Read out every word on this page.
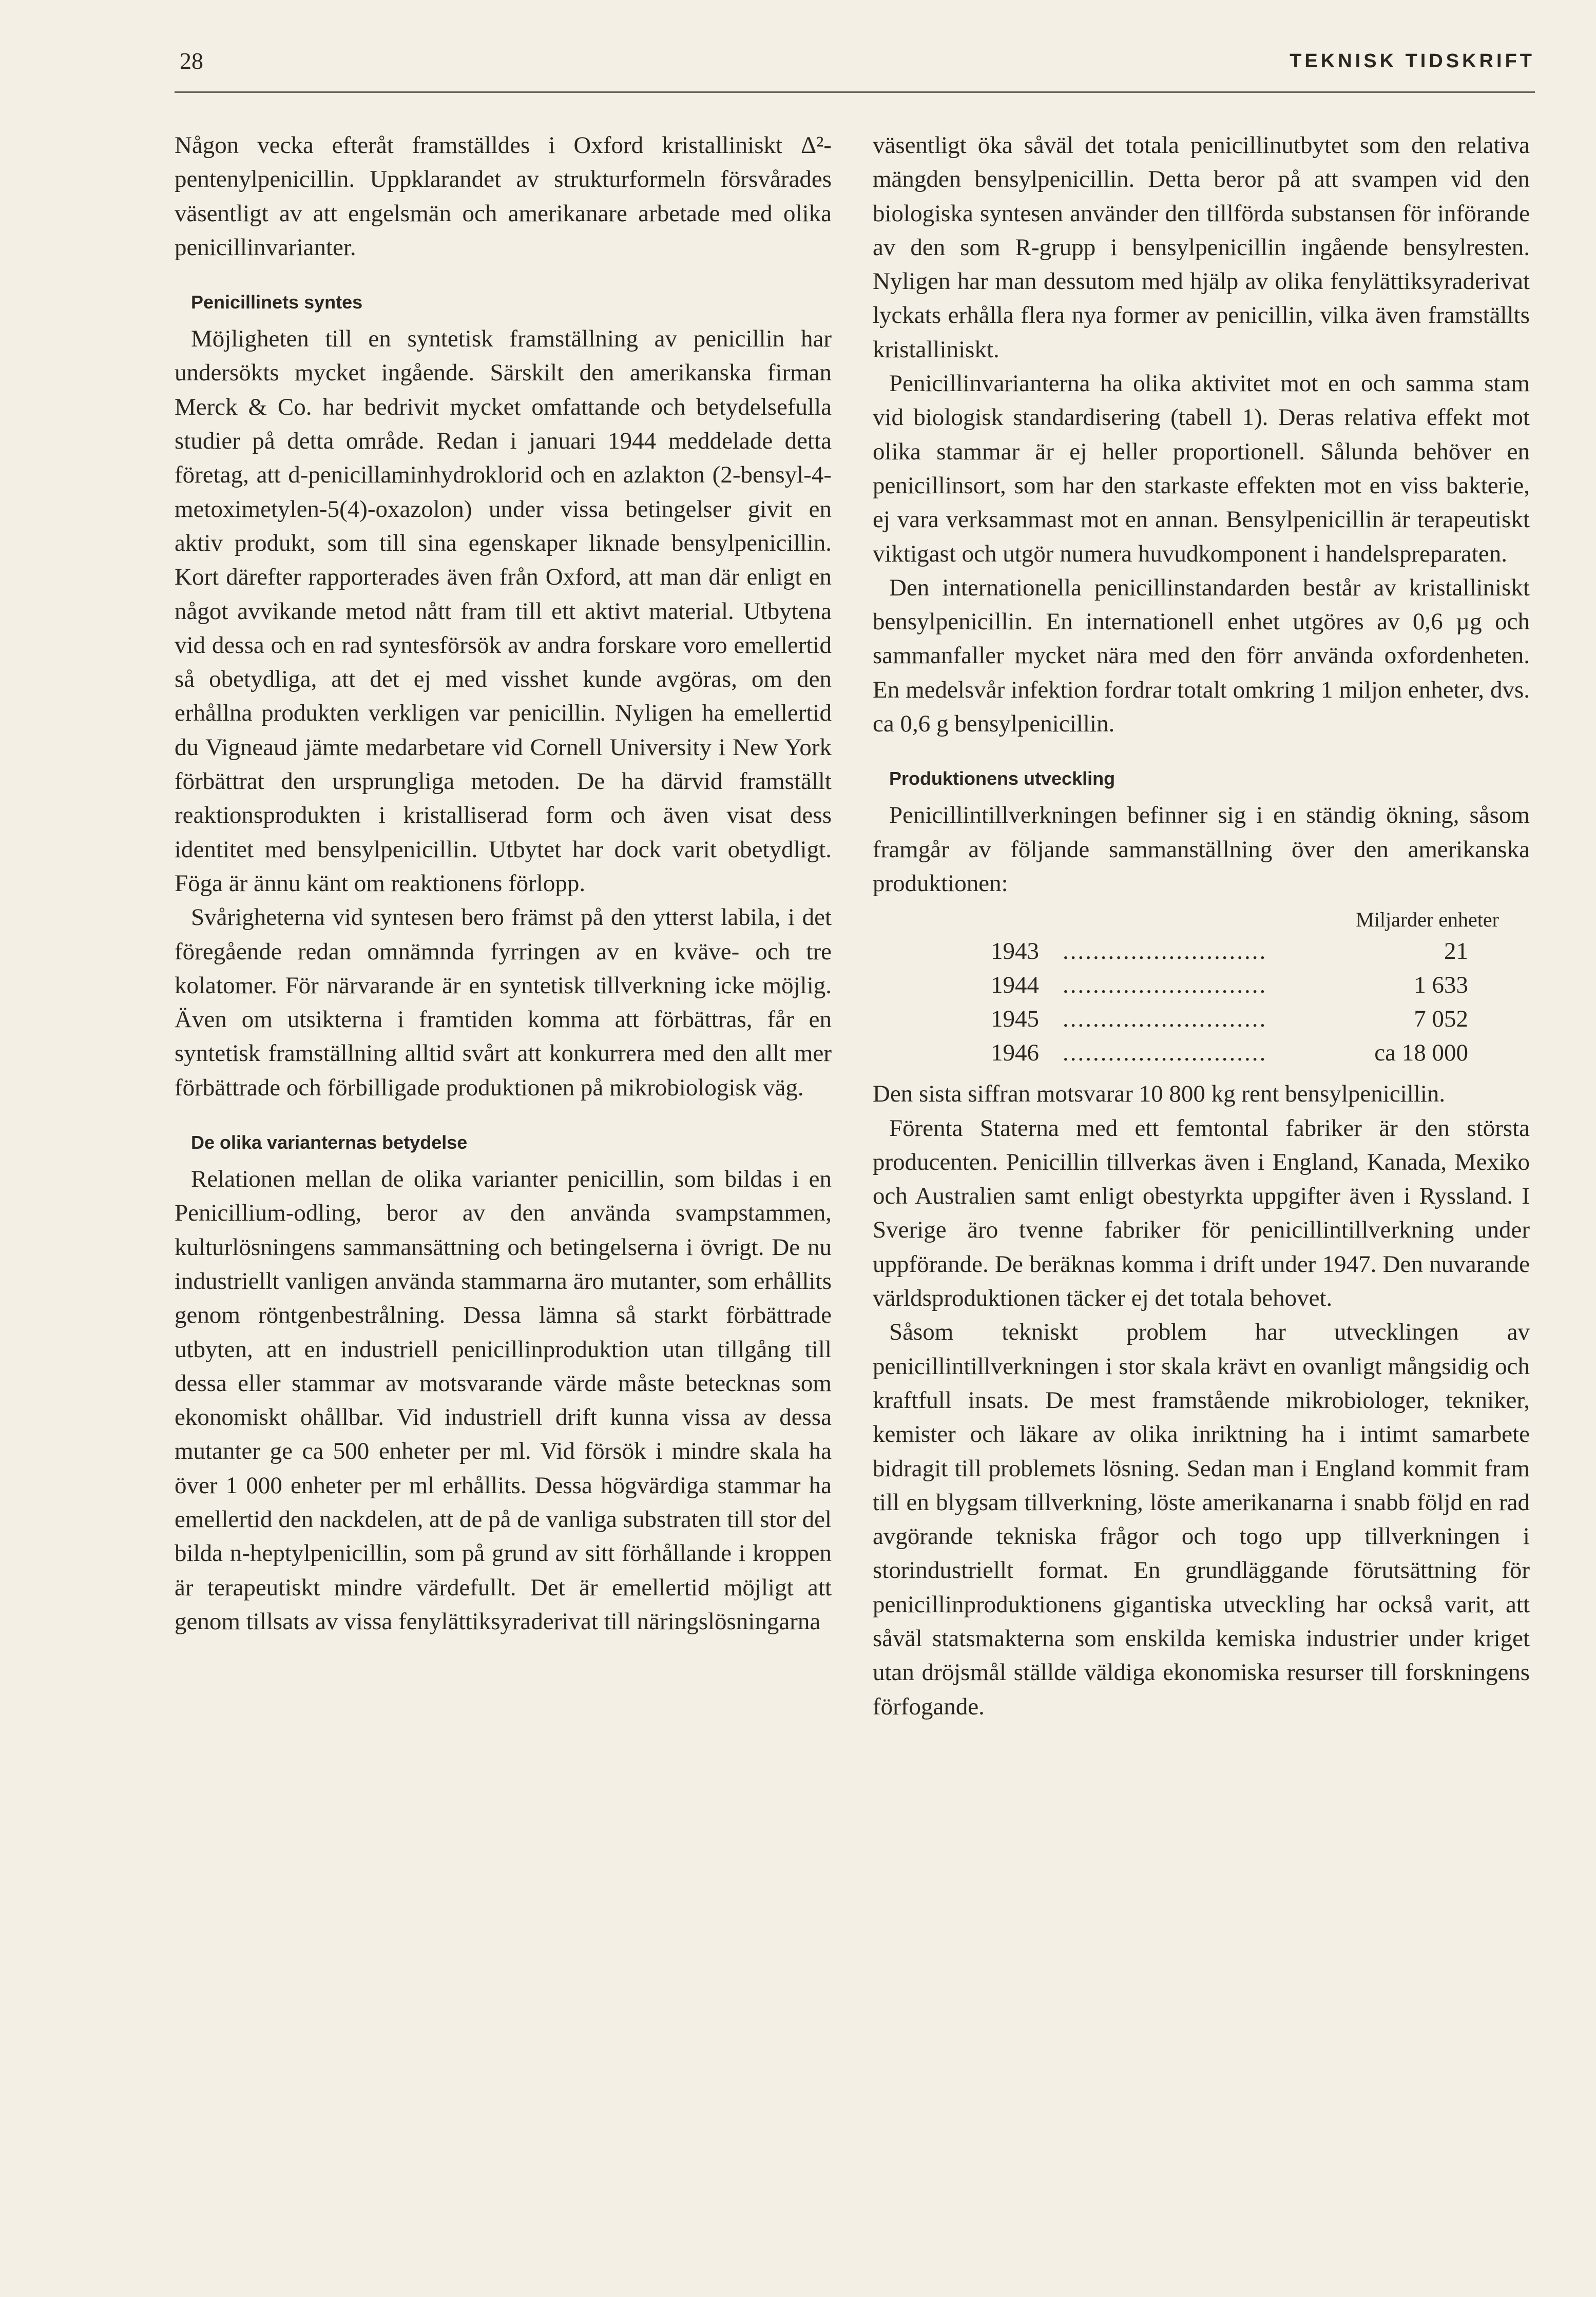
28	TEKNISK TIDSKRIFT

Någon vecka efteråt framställdes i Oxford kristalliniskt Δ²-pentenylpenicillin. Uppklarandet av strukturformeln försvårades väsentligt av att engelsmän och amerikanare arbetade med olika penicillinvarianter.

Penicillinets syntes

Möjligheten till en syntetisk framställning av penicillin har undersökts mycket ingående. Särskilt den amerikanska firman Merck & Co. har bedrivit mycket omfattande och betydelsefulla studier på detta område. Redan i januari 1944 meddelade detta företag, att d-penicillaminhydroklorid och en azlakton (2-bensyl-4-metoximetylen-5(4)-oxazolon) under vissa betingelser givit en aktiv produkt, som till sina egenskaper liknade bensylpenicillin. Kort därefter rapporterades även från Oxford, att man där enligt en något avvikande metod nått fram till ett aktivt material. Utbytena vid dessa och en rad syntesförsök av andra forskare voro emellertid så obetydliga, att det ej med visshet kunde avgöras, om den erhållna produkten verkligen var penicillin. Nyligen ha emellertid du Vigneaud jämte medarbetare vid Cornell University i New York förbättrat den ursprungliga metoden. De ha därvid framställt reaktionsprodukten i kristalliserad form och även visat dess identitet med bensylpenicillin. Utbytet har dock varit obetydligt. Föga är ännu känt om reaktionens förlopp.

Svårigheterna vid syntesen bero främst på den ytterst labila, i det föregående redan omnämnda fyrringen av en kväve- och tre kolatomer. För närvarande är en syntetisk tillverkning icke möjlig. Även om utsikterna i framtiden komma att förbättras, får en syntetisk framställning alltid svårt att konkurrera med den allt mer förbättrade och förbilligade produktionen på mikrobiologisk väg.

De olika varianternas betydelse

Relationen mellan de olika varianter penicillin, som bildas i en Penicillium-odling, beror av den använda svampstammen, kulturlösningens sammansättning och betingelserna i övrigt. De nu industriellt vanligen använda stammarna äro mutanter, som erhållits genom röntgenbestrålning. Dessa lämna så starkt förbättrade utbyten, att en industriell penicillinproduktion utan tillgång till dessa eller stammar av motsvarande värde måste betecknas som ekonomiskt ohållbar. Vid industriell drift kunna vissa av dessa mutanter ge ca 500 enheter per ml. Vid försök i mindre skala ha över 1 000 enheter per ml erhållits. Dessa högvärdiga stammar ha emellertid den nackdelen, att de på de vanliga substraten till stor del bilda n-heptylpenicillin, som på grund av sitt förhållande i kroppen är terapeutiskt mindre värdefullt. Det är emellertid möjligt att genom tillsats av vissa fenylättiksyraderivat till näringslösningarna

väsentligt öka såväl det totala penicillinutbytet som den relativa mängden bensylpenicillin. Detta beror på att svampen vid den biologiska syntesen använder den tillförda substansen för införande av den som R-grupp i bensylpenicillin ingående bensylresten. Nyligen har man dessutom med hjälp av olika fenylättiksyraderivat lyckats erhålla flera nya former av penicillin, vilka även framställts kristalliniskt.

Penicillinvarianterna ha olika aktivitet mot en och samma stam vid biologisk standardisering (tabell 1). Deras relativa effekt mot olika stammar är ej heller proportionell. Sålunda behöver en penicillinsort, som har den starkaste effekten mot en viss bakterie, ej vara verksammast mot en annan. Bensylpenicillin är terapeutiskt viktigast och utgör numera huvudkomponent i handelspreparaten.

Den internationella penicillinstandarden består av kristalliniskt bensylpenicillin. En internationell enhet utgöres av 0,6 µg och sammanfaller mycket nära med den förr använda oxfordenheten. En medelsvår infektion fordrar totalt omkring 1 miljon enheter, dvs. ca 0,6 g bensylpenicillin.

Produktionens utveckling

Penicillintillverkningen befinner sig i en ständig ökning, såsom framgår av följande sammanställning över den amerikanska produktionen:

Miljarder enheter
1943 ...........................	21
1944 ...........................	1 633
1945 ...........................	7 052
1946 ...........................	ca 18 000

Den sista siffran motsvarar 10 800 kg rent bensylpenicillin.

Förenta Staterna med ett femtontal fabriker är den största producenten. Penicillin tillverkas även i England, Kanada, Mexiko och Australien samt enligt obestyrkta uppgifter även i Ryssland. I Sverige äro tvenne fabriker för penicillintillverkning under uppförande. De beräknas komma i drift under 1947. Den nuvarande världsproduktionen täcker ej det totala behovet.

Såsom tekniskt problem har utvecklingen av penicillintillverkningen i stor skala krävt en ovanligt mångsidig och kraftfull insats. De mest framstående mikrobiologer, tekniker, kemister och läkare av olika inriktning ha i intimt samarbete bidragit till problemets lösning. Sedan man i England kommit fram till en blygsam tillverkning, löste amerikanarna i snabb följd en rad avgörande tekniska frågor och togo upp tillverkningen i storindustriellt format. En grundläggande förutsättning för penicillinproduktionens gigantiska utveckling har också varit, att såväl statsmakterna som enskilda kemiska industrier under kriget utan dröjsmål ställde väldiga ekonomiska resurser till forskningens förfogande.
